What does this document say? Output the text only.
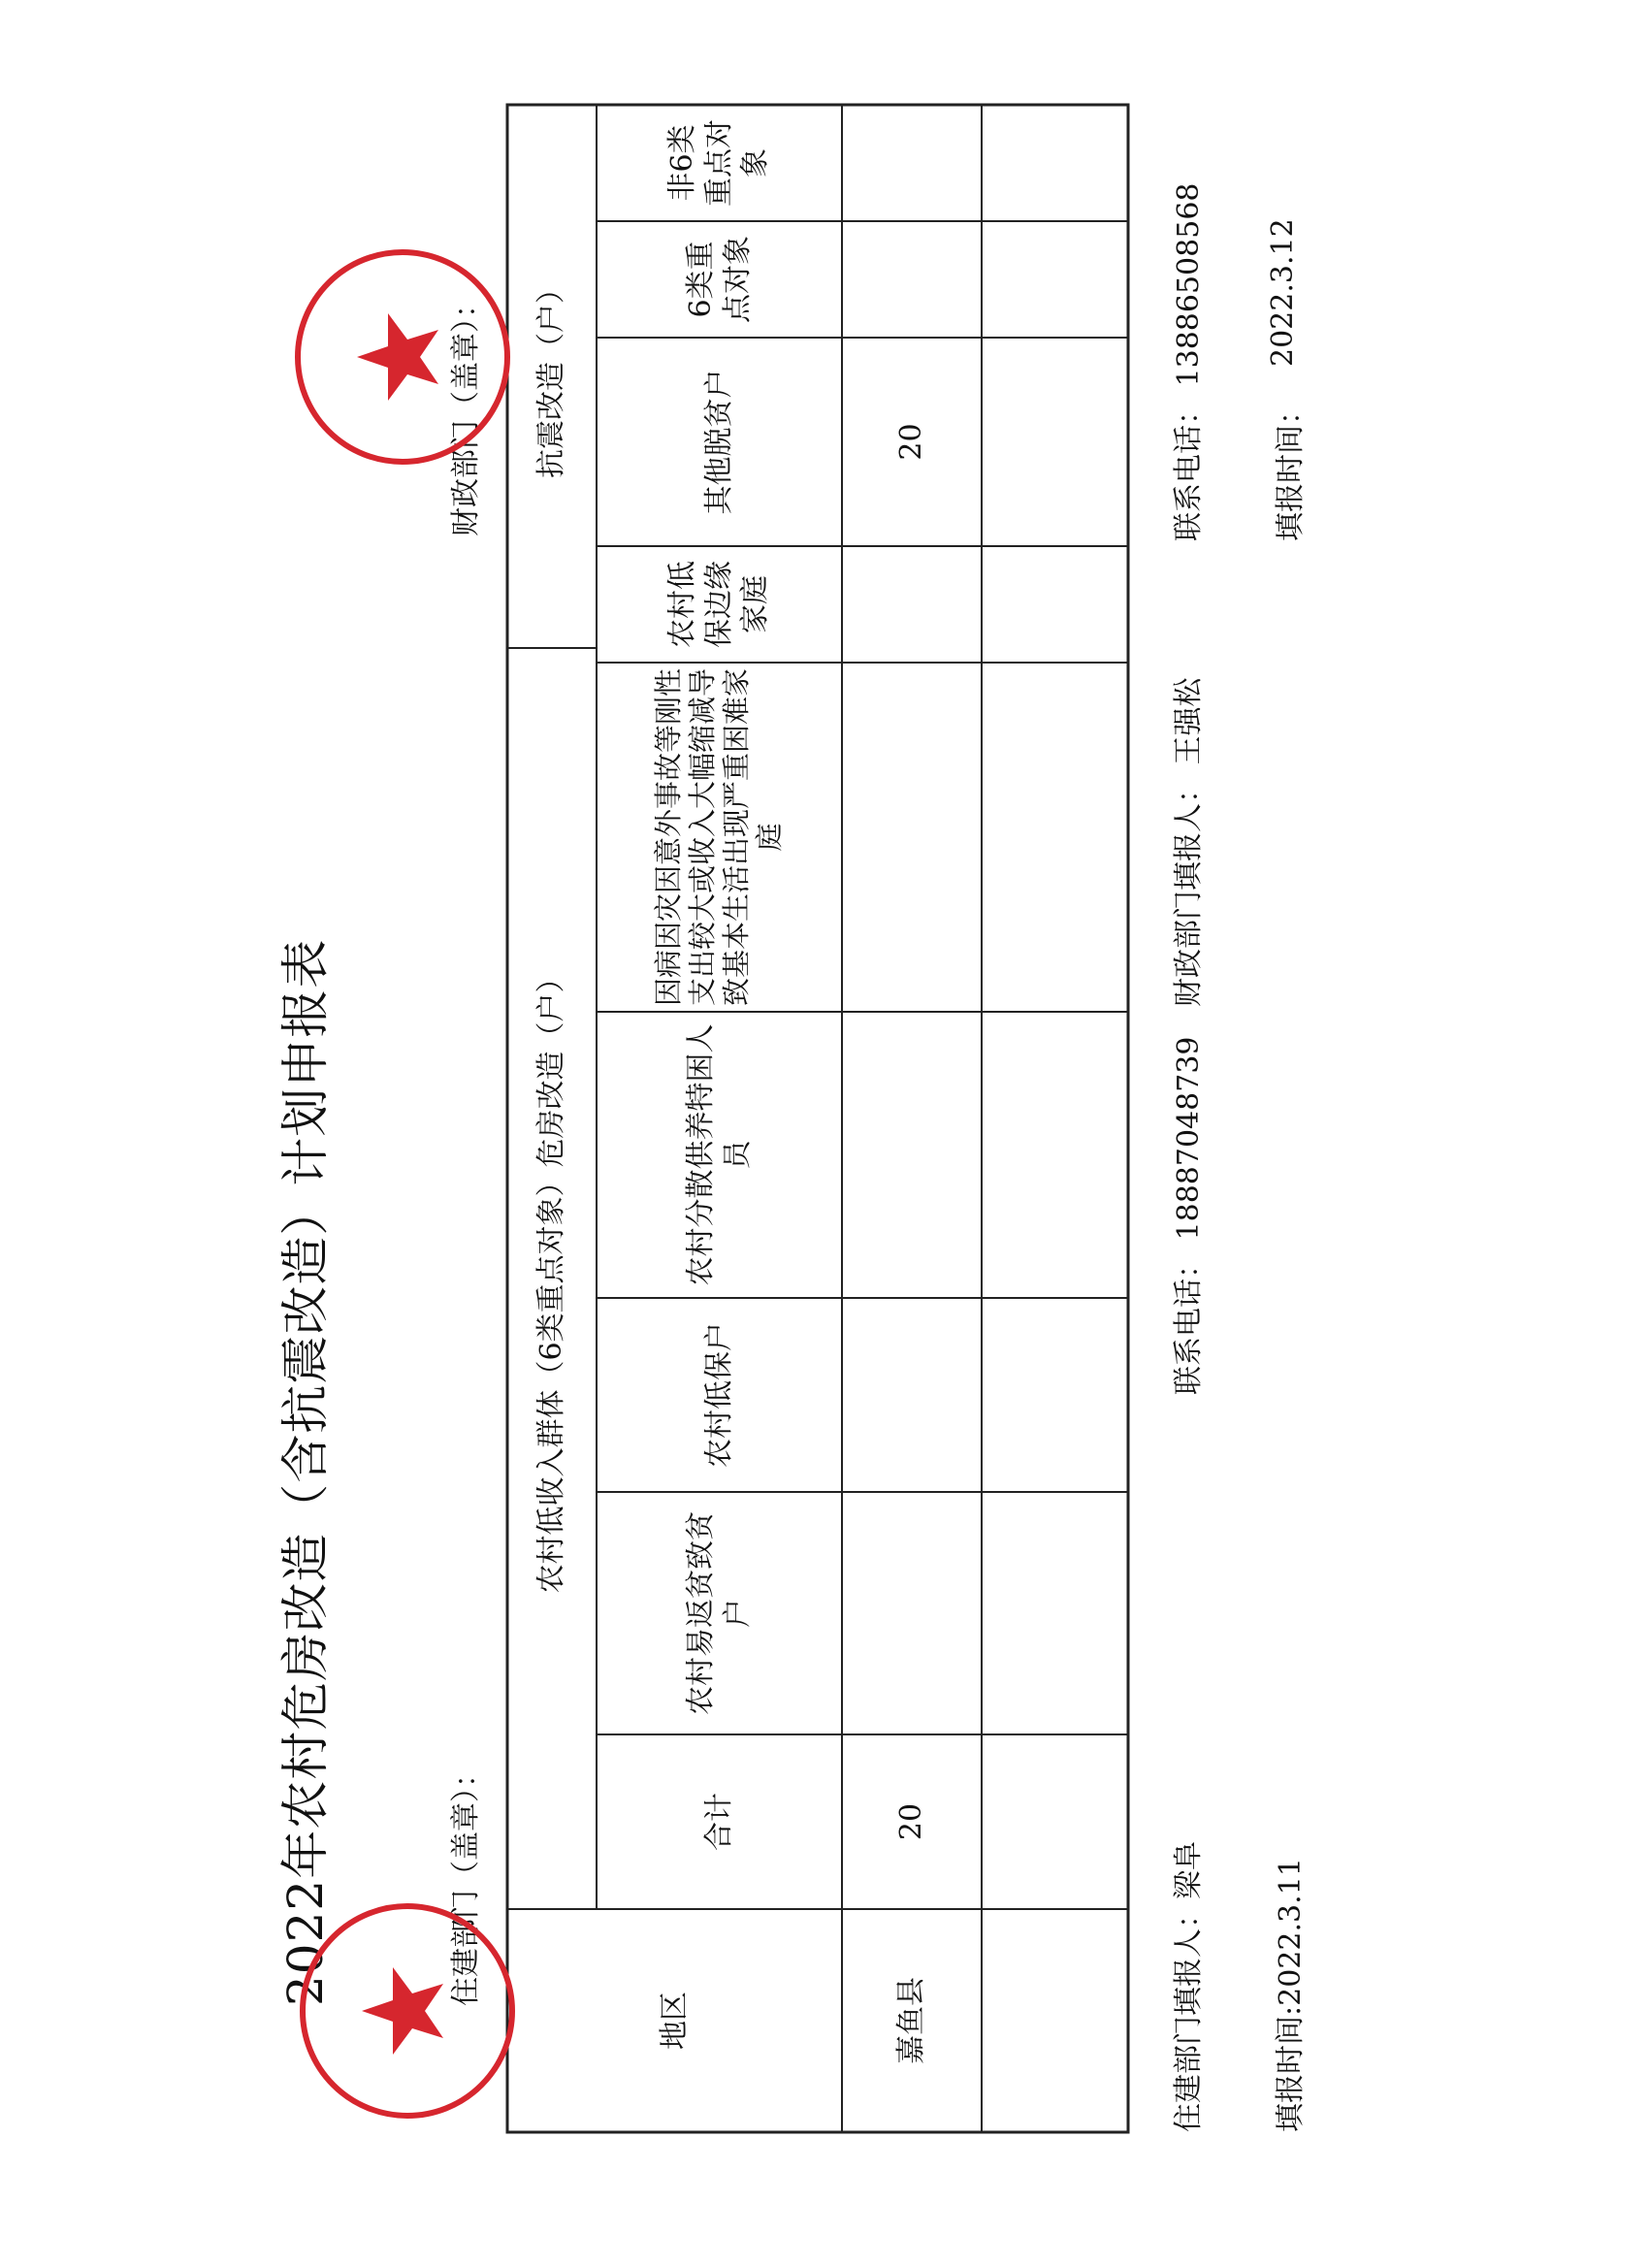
2022年农村危房改造（含抗震改造）计划申报表	住建部门（盖章）：
财政部门（盖章）：
地区
农村低收入群体（6类重点对象）危房改造（户）
抗震改造（户）
合计
农村易返贫致贫户
农村低保户
农村分散供养特困人员
因病因灾因意外事故等刚性支出较大或收入大幅缩减导致基本生活出现严重困难家庭
农村低保边缘家庭
其他脱贫户
6类重点对象
非6类重点对象
嘉鱼县
20
20
住建部门填报人：梁阜
联系电话： 18887048739
财政部门填报人： 王强松
联系电话： 13886508568
填报时间:2022.3.11
填报时间：
2022.3.12
